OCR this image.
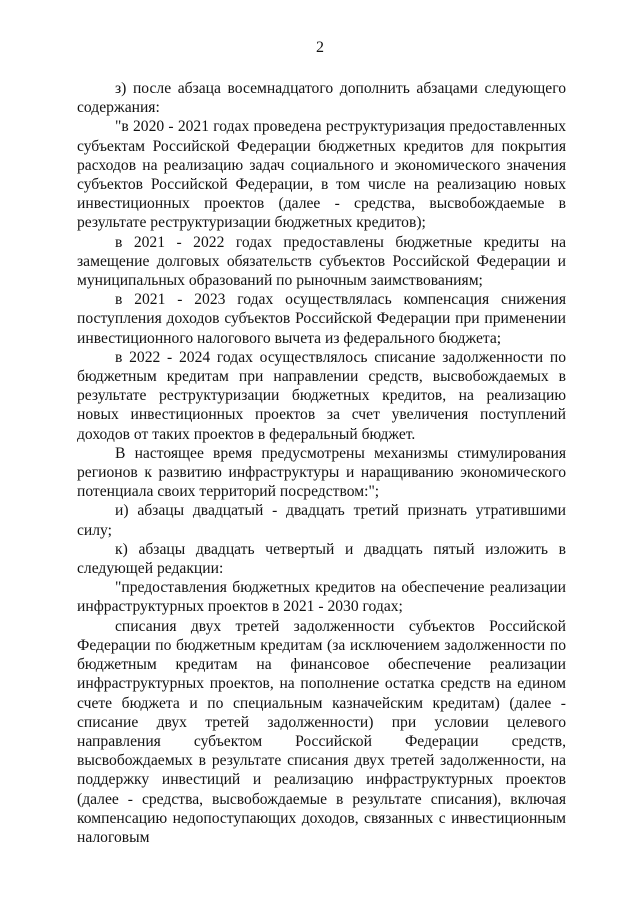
2

з) после абзаца восемнадцатого дополнить абзацами следующего содержания:

"в 2020 - 2021 годах проведена реструктуризация предоставленных субъектам Российской Федерации бюджетных кредитов для покрытия расходов на реализацию задач социального и экономического значения субъектов Российской Федерации, в том числе на реализацию новых инвестиционных проектов (далее - средства, высвобождаемые в результате реструктуризации бюджетных кредитов);

в 2021 - 2022 годах предоставлены бюджетные кредиты на замещение долговых обязательств субъектов Российской Федерации и муниципальных образований по рыночным заимствованиям;

в 2021 - 2023 годах осуществлялась компенсация снижения поступления доходов субъектов Российской Федерации при применении инвестиционного налогового вычета из федерального бюджета;

в 2022 - 2024 годах осуществлялось списание задолженности по бюджетным кредитам при направлении средств, высвобождаемых в результате реструктуризации бюджетных кредитов, на реализацию новых инвестиционных проектов за счет увеличения поступлений доходов от таких проектов в федеральный бюджет.

В настоящее время предусмотрены механизмы стимулирования регионов к развитию инфраструктуры и наращиванию экономического потенциала своих территорий посредством:";

и) абзацы двадцатый - двадцать третий признать утратившими силу;

к) абзацы двадцать четвертый и двадцать пятый изложить в следующей редакции:

"предоставления бюджетных кредитов на обеспечение реализации инфраструктурных проектов в 2021 - 2030 годах;

списания двух третей задолженности субъектов Российской Федерации по бюджетным кредитам (за исключением задолженности по бюджетным кредитам на финансовое обеспечение реализации инфраструктурных проектов, на пополнение остатка средств на едином счете бюджета и по специальным казначейским кредитам) (далее - списание двух третей задолженности) при условии целевого направления субъектом Российской Федерации средств, высвобождаемых в результате списания двух третей задолженности, на поддержку инвестиций и реализацию инфраструктурных проектов (далее - средства, высвобождаемые в результате списания), включая компенсацию недопоступающих доходов, связанных с инвестиционным налоговым
